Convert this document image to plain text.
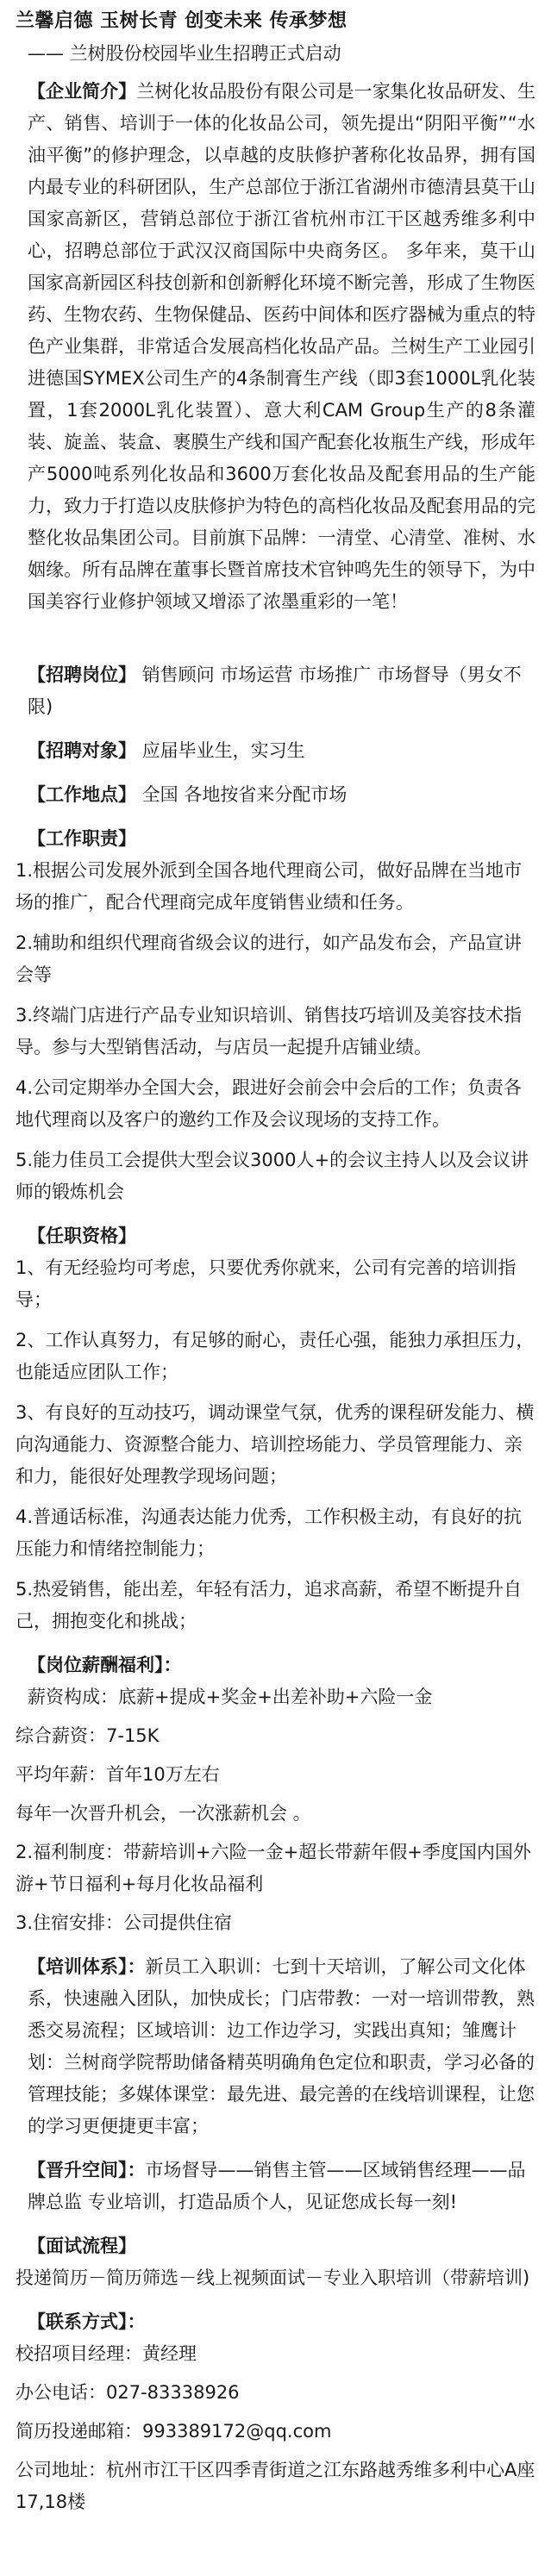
兰馨启德 玉树长青 创变未来 传承梦想
—— 兰树股份校园毕业生招聘正式启动
【企业简介】兰树化妆品股份有限公司是一家集化妆品研发、生产、销售、培训于一体的化妆品公司，领先提出“阴阳平衡”“水油平衡”的修护理念，以卓越的皮肤修护著称化妆品界，拥有国内最专业的科研团队，生产总部位于浙江省湖州市德清县莫干山国家高新区，营销总部位于浙江省杭州市江干区越秀维多利中心，招聘总部位于武汉汉商国际中央商务区。 多年来，莫干山国家高新园区科技创新和创新孵化环境不断完善，形成了生物医药、生物农药、生物保健品、医药中间体和医疗器械为重点的特色产业集群，非常适合发展高档化妆品产品。兰树生产工业园引进德国SYMEX公司生产的4条制膏生产线（即3套1000L乳化装置，1套2000L乳化装置）、意大利CAM Group生产的8条灌装、旋盖、装盒、裹膜生产线和国产配套化妆瓶生产线，形成年产5000吨系列化妆品和3600万套化妆品及配套用品的生产能力，致力于打造以皮肤修护为特色的高档化妆品及配套用品的完整化妆品集团公司。目前旗下品牌：一清堂、心清堂、准树、水姻缘。所有品牌在董事长暨首席技术官钟鸣先生的领导下，为中国美容行业修护领域又增添了浓墨重彩的一笔！
【招聘岗位】 销售顾问 市场运营 市场推广 市场督导（男女不限)
【招聘对象】 应届毕业生，实习生
【工作地点】 全国 各地按省来分配市场
【工作职责】
1.根据公司发展外派到全国各地代理商公司，做好品牌在当地市场的推广，配合代理商完成年度销售业绩和任务。
2.辅助和组织代理商省级会议的进行，如产品发布会，产品宣讲会等
3.终端门店进行产品专业知识培训、销售技巧培训及美容技术指导。参与大型销售活动，与店员一起提升店铺业绩。
4.公司定期举办全国大会，跟进好会前会中会后的工作；负责各地代理商以及客户的邀约工作及会议现场的支持工作。
5.能力佳员工会提供大型会议3000人+的会议主持人以及会议讲师的锻炼机会
【任职资格】
1、有无经验均可考虑，只要优秀你就来，公司有完善的培训指导；
2、工作认真努力，有足够的耐心，责任心强，能独力承担压力，也能适应团队工作；
3、有良好的互动技巧，调动课堂气氛，优秀的课程研发能力、横向沟通能力、资源整合能力、培训控场能力、学员管理能力、亲和力，能很好处理教学现场问题；
4.普通话标准，沟通表达能力优秀，工作积极主动，有良好的抗压能力和情绪控制能力；
5.热爱销售，能出差，年轻有活力，追求高薪，希望不断提升自己，拥抱变化和挑战；
【岗位薪酬福利】：
薪资构成：底薪+提成+奖金+出差补助+六险一金
综合薪资：7-15K
平均年薪：首年10万左右
每年一次晋升机会，一次涨薪机会 。
2.福利制度：带薪培训+六险一金+超长带薪年假+季度国内国外游+节日福利+每月化妆品福利
3.住宿安排：公司提供住宿
【培训体系】：新员工入职训：七到十天培训，了解公司文化体系，快速融入团队，加快成长；门店带教：一对一培训带教，熟悉交易流程；区域培训：边工作边学习，实践出真知；雏鹰计划：兰树商学院帮助储备精英明确角色定位和职责，学习必备的管理技能；多媒体课堂：最先进、最完善的在线培训课程，让您的学习更便捷更丰富；
【晋升空间】：市场督导——销售主管——区域销售经理——品牌总监 专业培训，打造品质个人，见证您成长每一刻!
【面试流程】
投递简历－简历筛选－线上视频面试－专业入职培训（带薪培训)
【联系方式】：
校招项目经理：黄经理
办公电话：027-83338926
简历投递邮箱：993389172@qq.com
公司地址：杭州市江干区四季青街道之江东路越秀维多利中心A座17,18楼
